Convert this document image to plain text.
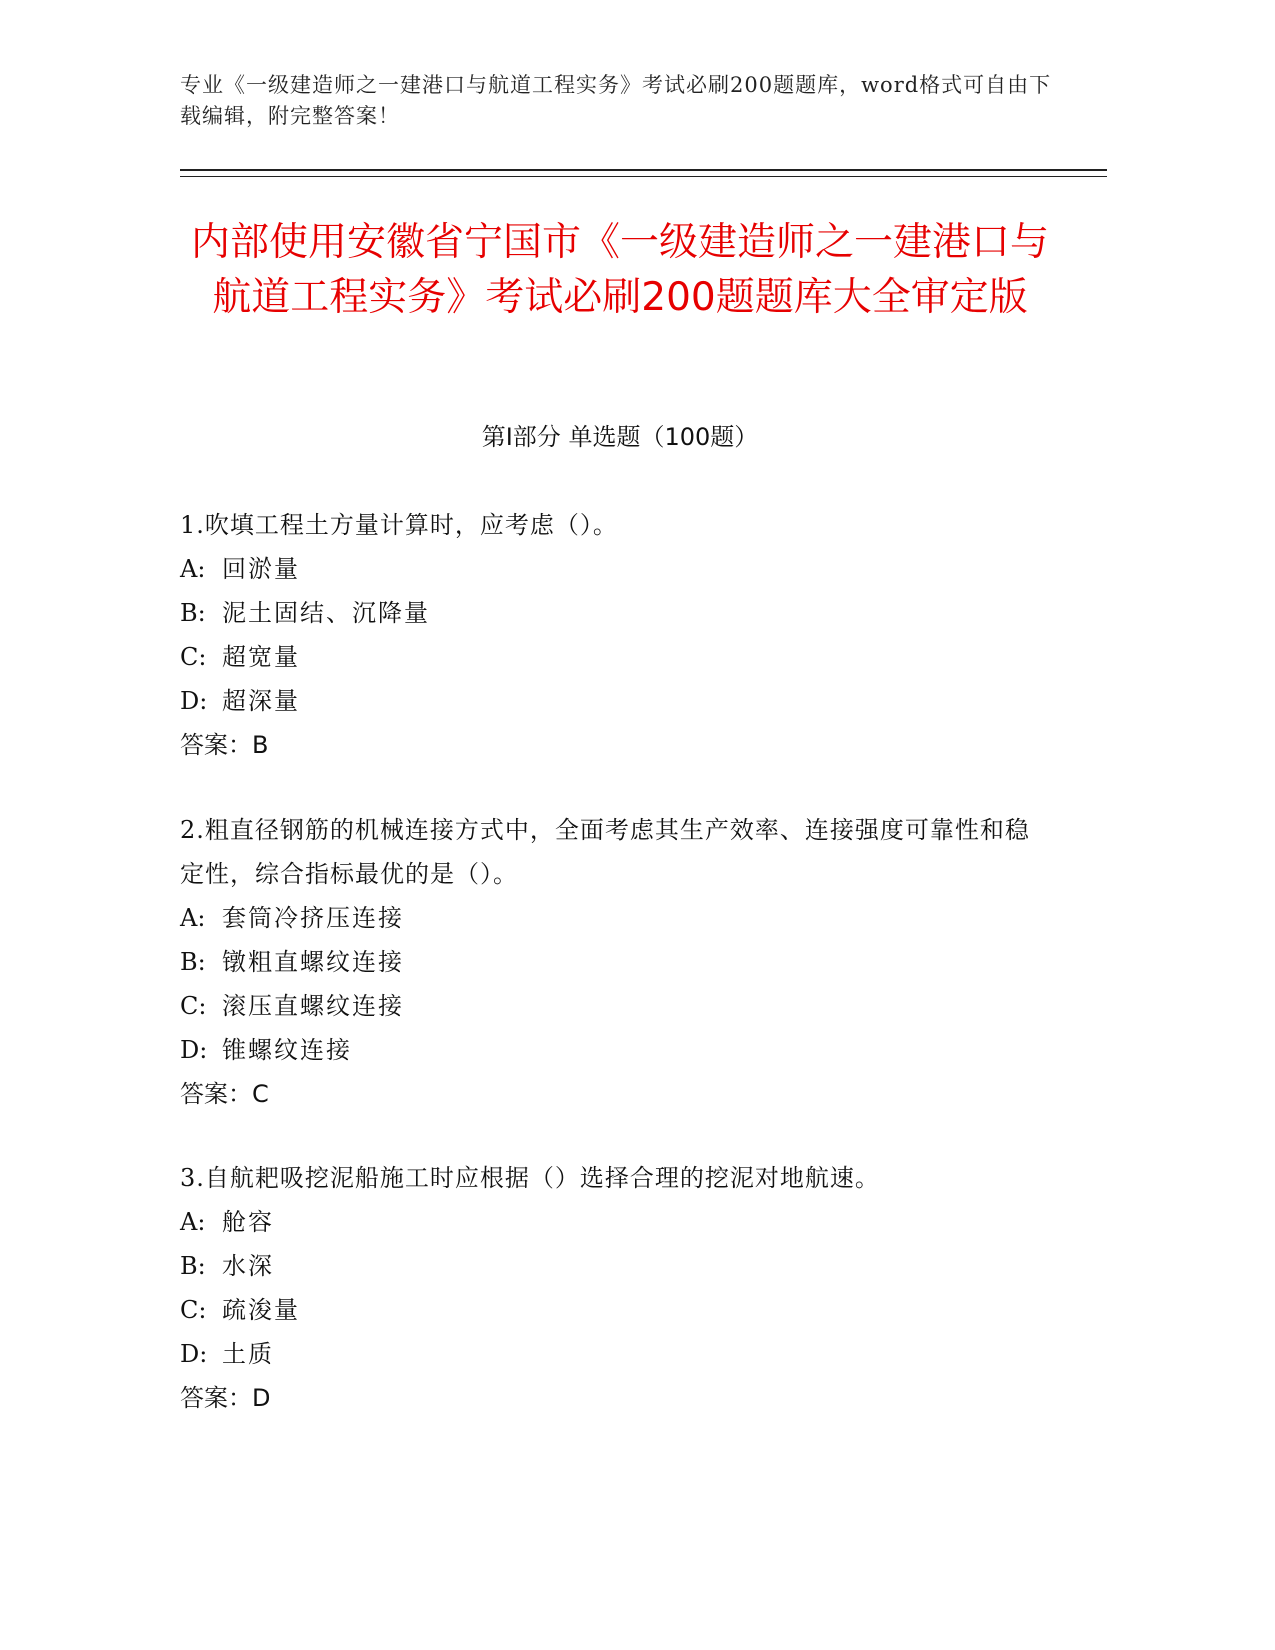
专业《一级建造师之一建港口与航道工程实务》考试必刷200题题库，word格式可自由下载编辑，附完整答案！
内部使用安徽省宁国市《一级建造师之一建港口与航道工程实务》考试必刷200题题库大全审定版
第Ⅰ部分 单选题（100题）
1.吹填工程土方量计算时，应考虑（）。
A: 回淤量
B: 泥土固结、沉降量
C: 超宽量
D: 超深量
答案：B
2.粗直径钢筋的机械连接方式中，全面考虑其生产效率、连接强度可靠性和稳定性，综合指标最优的是（）。
A: 套筒冷挤压连接
B: 镦粗直螺纹连接
C: 滚压直螺纹连接
D: 锥螺纹连接
答案：C
3.自航耙吸挖泥船施工时应根据（）选择合理的挖泥对地航速。
A: 舱容
B: 水深
C: 疏浚量
D: 土质
答案：D
